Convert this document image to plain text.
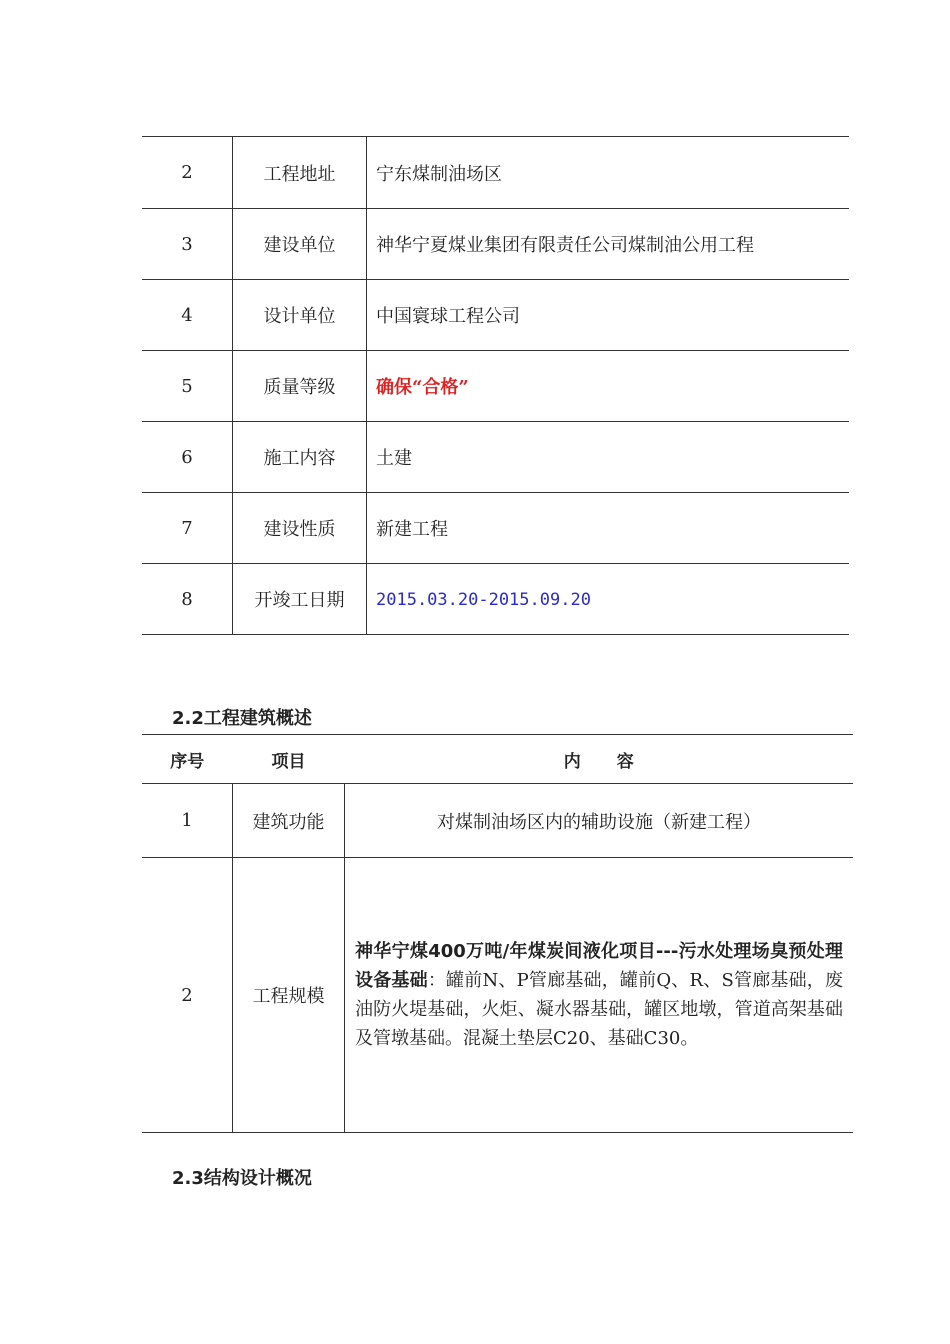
2	工程地址	宁东煤制油场区
3	建设单位	神华宁夏煤业集团有限责任公司煤制油公用工程
4	设计单位	中国寰球工程公司
5	质量等级	确保“合格”
6	施工内容	土建
7	建设性质	新建工程
8	开竣工日期	2015.03.20-2015.09.20
2.2工程建筑概述
序号	项目	内 容
1	建筑功能	对煤制油场区内的辅助设施（新建工程）
2	工程规模	神华宁煤400万吨/年煤炭间液化项目---污水处理场臭预处理设备基础：罐前N、P管廊基础，罐前Q、R、S管廊基础，废油防火堤基础，火炬、凝水器基础，罐区地墩，管道高架基础及管墩基础。混凝土垫层C20、基础C30。
2.3结构设计概况
